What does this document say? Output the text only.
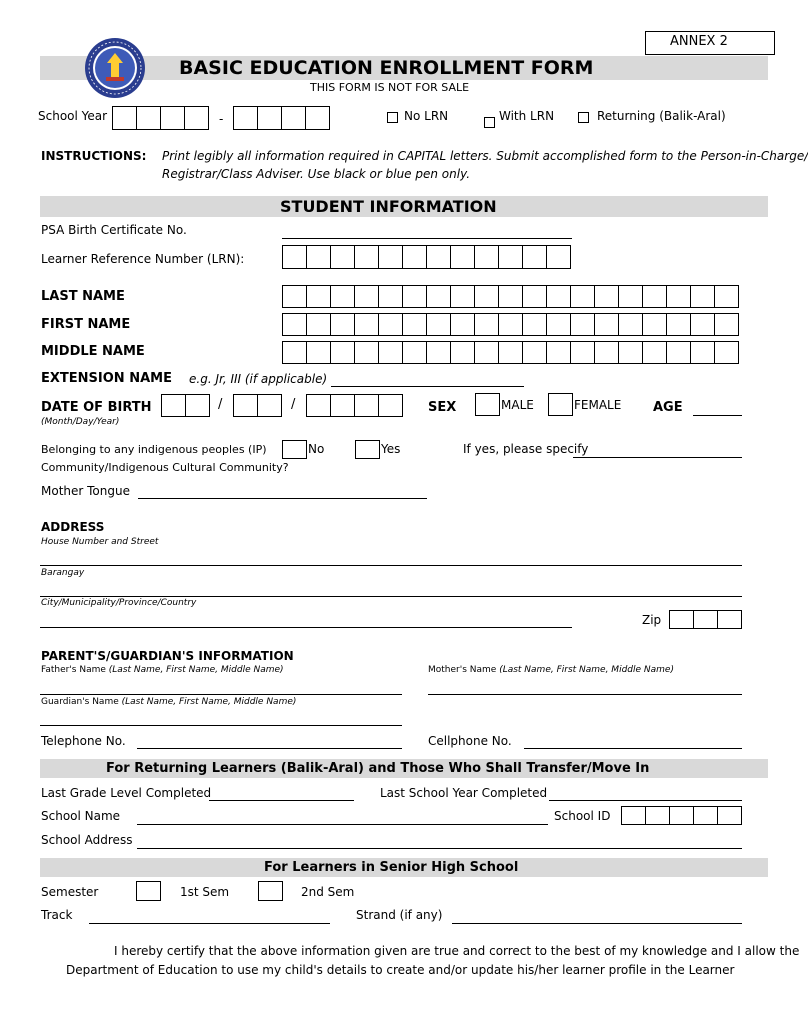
ANNEX 2
BASIC EDUCATION ENROLLMENT FORM
THIS FORM IS NOT FOR SALE
School Year	-	No LRN	With LRN	Returning (Balik-Aral)
INSTRUCTIONS: Print legibly all information required in CAPITAL letters. Submit accomplished form to the Person-in-Charge/
Registrar/Class Adviser. Use black or blue pen only.
STUDENT INFORMATION
PSA Birth Certificate No.
Learner Reference Number (LRN):
LAST NAME
FIRST NAME
MIDDLE NAME
EXTENSION NAME e.g. Jr, III (if applicable)
DATE OF BIRTH
(Month/Day/Year)
/	/	SEX	MALE	FEMALE AGE
Belonging to any indigenous peoples (IP)
Community/Indigenous Cultural Community?
No	Yes	If yes, please specify
Mother Tongue
ADDRESS
House Number and Street
Barangay
City/Municipality/Province/Country
Zip
PARENT'S/GUARDIAN'S INFORMATION
Father's Name (Last Name, First Name, Middle Name)	Mother's Name (Last Name, First Name, Middle Name)
Guardian's Name (Last Name, First Name, Middle Name)
Telephone No.	Cellphone No.
For Returning Learners (Balik-Aral) and Those Who Shall Transfer/Move In
Last Grade Level Completed	Last School Year Completed
School Name	School ID
School Address
For Learners in Senior High School
Semester	1st Sem	2nd Sem
Track	Strand (if any)
I hereby certify that the above information given are true and correct to the best of my knowledge and I allow the
Department of Education to use my child's details to create and/or update his/her learner profile in the Learner
